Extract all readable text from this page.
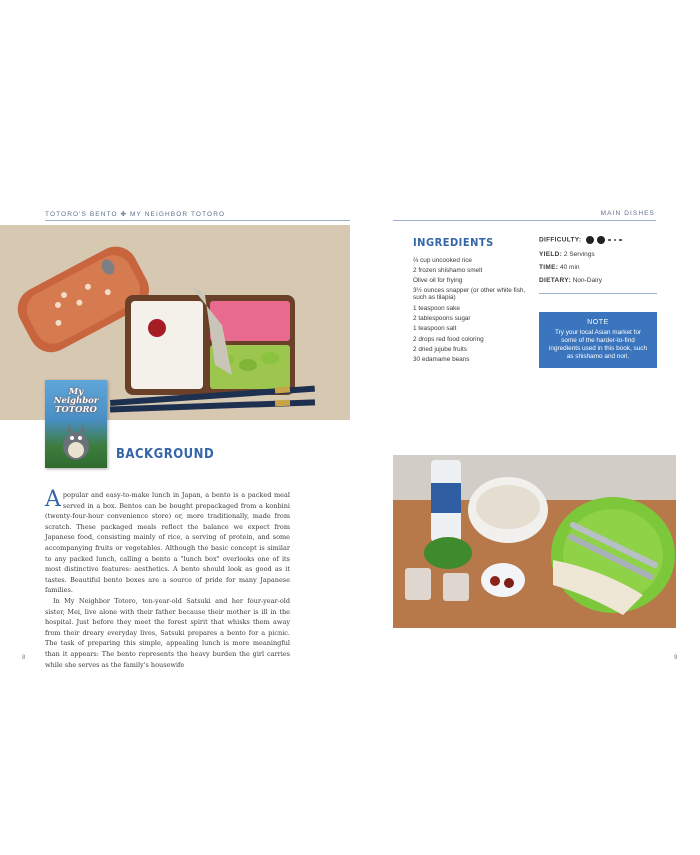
TOTORO'S BENTO ✤ MY NEIGHBOR TOTORO	MAIN DISHES
My Neighbor TOTORO
BACKGROUND

A popular and easy-to-make lunch in Japan, a bento is a packed meal served in a box. Bentos can be bought prepackaged from a konbini (twenty-four-hour convenience store) or, more traditionally, made from scratch. These packaged meals reflect the balance we expect from Japanese food, consisting mainly of rice, a serving of protein, and some accompanying fruits or vegetables. Although the basic concept is similar to any packed lunch, calling a bento a "lunch box" overlooks one of its most distinctive features: aesthetics. A bento should look as good as it tastes. Beautiful bento boxes are a source of pride for many Japanese families.

In My Neighbor Totoro, ten-year-old Satsuki and her four-year-old sister, Mei, live alone with their father because their mother is ill in the hospital. Just before they meet the forest spirit that whisks them away from their dreary everyday lives, Satsuki prepares a bento for a picnic. The task of preparing this simple, appealing lunch is more meaningful than it appears: The bento represents the heavy burden the girl carries while she serves as the family's housewife

INGREDIENTS
⅔ cup uncooked rice
2 frozen shishamo smelt
Olive oil for frying
3½ ounces snapper (or other white fish, such as tilapia)
1 teaspoon sake
2 tablespoons sugar
1 teaspoon salt
2 drops red food coloring
2 dried jujube fruits
30 edamame beans
DIFFICULTY:
YIELD: 2 Servings
TIME: 40 min
DIETARY: Non-Dairy
NOTE
Try your local Asian market for some of the harder-to-find ingredients used in this book, such as shishamo and nori.
8	9
